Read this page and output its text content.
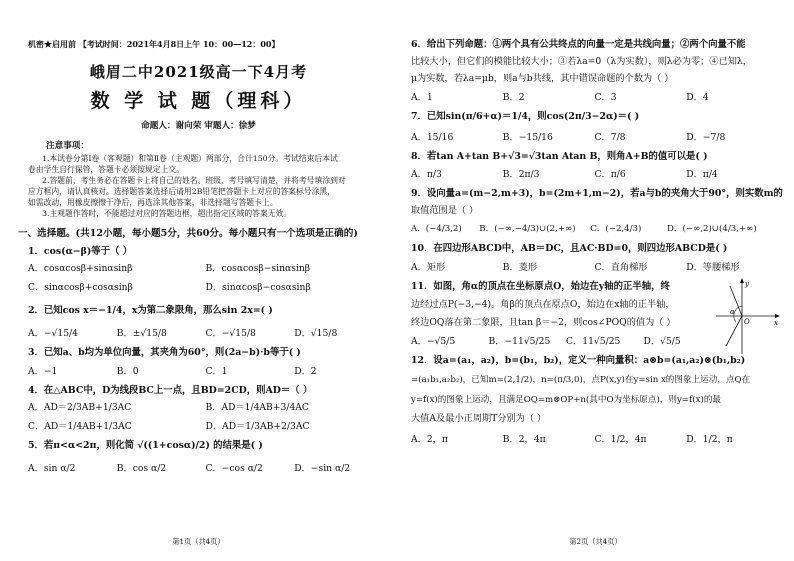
机密★启用前 【考试时间：2021年4月8日上午 10：00—12：00】
峨眉二中2021级高一下4月考
数 学 试 题（理科）
命题人：谢向荣 审题人：徐梦
注意事项：
1.本试卷分第Ⅰ卷（客观题）和第Ⅱ卷（主观题）两部分，合计150分。考试结束后本试
卷由学生自行保管，答题卡必须按规定上交。
2.答题前，考生务必在答题卡上将自己的姓名、班级、考号填写清楚，并将考号填涂到对
应方框内，请认真核对。选择题答案选择后请用2B铅笔把答题卡上对应的答案标号涂黑，
如需改动，用橡皮擦擦干净后，再选涂其他答案，非选择题写答题卡上。
3.主观题作答时，不能超过对应的答题边框，超出指定区域的答案无效。
一、选择题。(共12小题，每小题5分，共60分。每小题只有一个选项是正确的)
1．cos(α−β)等于（ ）
A．cosαcosβ+sinαsinβ	B．cosαcosβ−sinαsinβ
C．sinαcosβ+cosαsinβ	D．sinαcosβ−cosαsinβ
2．已知cos x＝−1/4，x为第二象限角，那么sin 2x=( )
A．−√15/4	B．±√15/8	C．−√15/8	D．√15/8
3．已知a、b均为单位向量，其夹角为60°，则(2a−b)·b等于( )
A．−1	B．0	C．1	D．2
4．在△ABC中，D为线段BC上一点，且BD=2CD，则AD＝（ ）
A．AD＝2/3AB+1/3AC	B．AD＝1/4AB+3/4AC
C．AD＝1/4AB+1/3AC	D．AD＝1/3AB+2/3AC
5．若π<α<2π，则化简 √((1+cosα)/2) 的结果是( )
A．sin α/2	B．cos α/2	C．−cos α/2	D．−sin α/2
第1页（共4页）
6．给出下列命题：①两个具有公共终点的向量一定是共线向量；②两个向量不能
比较大小，但它们的模能比较大小；③若λa=0（λ为实数），则λ必为零；④已知λ，
μ为实数，若λa=μb，则a与b共线，其中错误命题的个数为（ ）
A．1	B．2	C．3	D．4
7．已知sin(π/6+α)＝1/4，则cos(2π/3−2α)＝( )
A．15/16	B．−15/16	C．7/8	D．−7/8
8．若tan A+tan B+√3=√3tan Atan B，则角A+B的值可以是( )
A．π/3	B．2π/3	C．π/6	D．π/4
9．设向量a=(m−2,m+3)，b=(2m+1,m−2)，若a与b的夹角大于90°，则实数m的
取值范围是（ ）
A．(−4/3,2)	B．(−∞,−4/3)∪(2,+∞)	C．(−2,4/3)	D．(−∞,2)∪(4/3,+∞)
10．在四边形ABCD中，AB＝DC，且AC·BD=0，则四边形ABCD是( )
A．矩形	B．菱形	C．直角梯形	D．等腰梯形
11．如图，角α的顶点在坐标原点O，始边在y轴的正半轴，终
边经过点P(−3,−4)。角β的顶点在原点O，始边在x轴的正半轴，
终边OQ落在第二象限，且tan β＝−2，则cos∠POQ的值为（ ）
A．−√5/5	B．−11√5/25	C．11√5/25	D．√5/5
y
x
O
α
12．设a=(a₁，a₂)，b=(b₁，b₂)，定义一种向量积：a⊗b=(a₁,a₂)⊗(b₁,b₂)
=(a₁b₁,a₂b₂)，已知m=(2,1/2)，n=(π/3,0)，点P(x,y)在y=sin x的图象上运动，点Q在
y=f(x)的图象上运动，且满足OQ=m⊗OP+n(其中O为坐标原点)，则y=f(x)的最
大值A及最小正周期T分别为（ ）
A．2，π	B．2，4π	C．1/2，4π	D．1/2，π
第2页（共4页）
